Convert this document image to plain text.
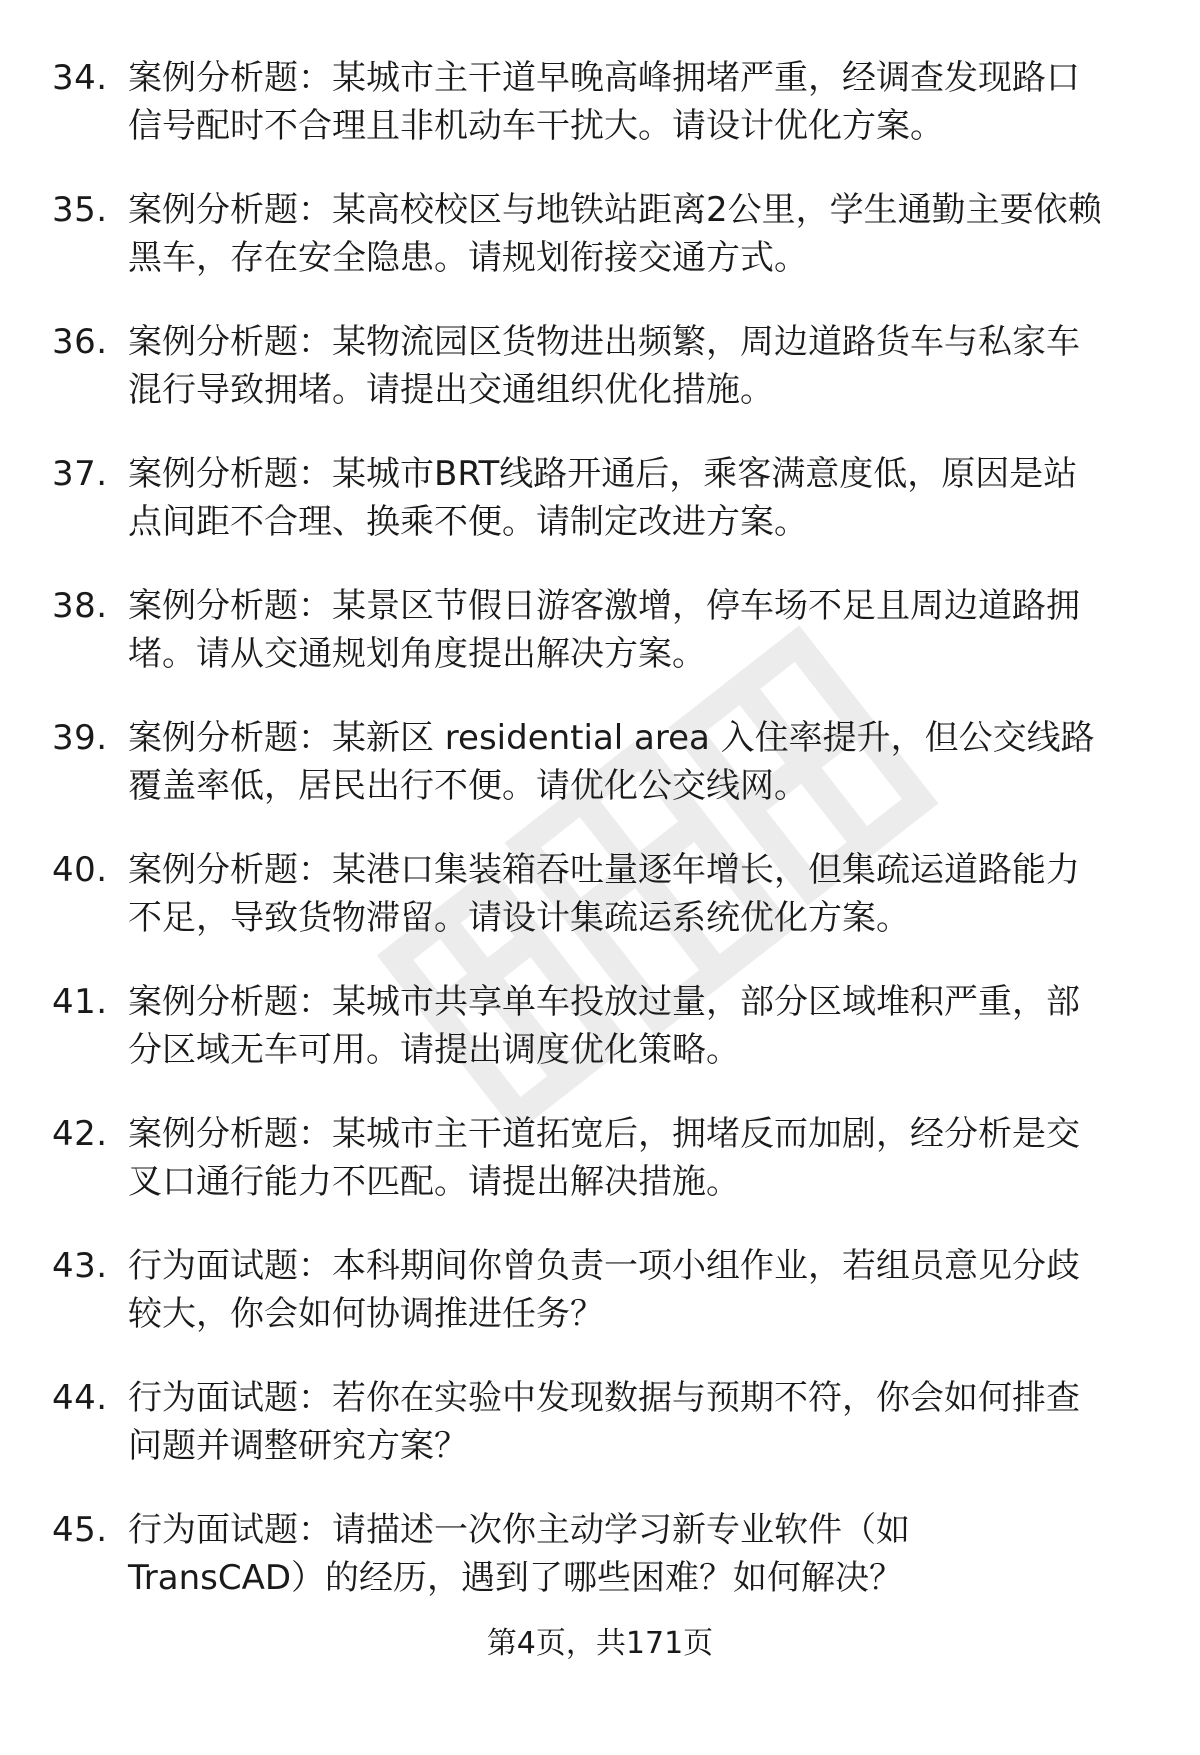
34. 案例分析题：某城市主干道早晚高峰拥堵严重，经调查发现路口
信号配时不合理且非机动车干扰大。请设计优化方案。
35. 案例分析题：某高校校区与地铁站距离2公里，学生通勤主要依赖
黑车，存在安全隐患。请规划衔接交通方式。
36. 案例分析题：某物流园区货物进出频繁，周边道路货车与私家车
混行导致拥堵。请提出交通组织优化措施。
37. 案例分析题：某城市BRT线路开通后，乘客满意度低，原因是站
点间距不合理、换乘不便。请制定改进方案。
38. 案例分析题：某景区节假日游客激增，停车场不足且周边道路拥
堵。请从交通规划角度提出解决方案。
39. 案例分析题：某新区 residential area 入住率提升，但公交线路
覆盖率低，居民出行不便。请优化公交线网。
40. 案例分析题：某港口集装箱吞吐量逐年增长，但集疏运道路能力
不足，导致货物滞留。请设计集疏运系统优化方案。
41. 案例分析题：某城市共享单车投放过量，部分区域堆积严重，部
分区域无车可用。请提出调度优化策略。
42. 案例分析题：某城市主干道拓宽后，拥堵反而加剧，经分析是交
叉口通行能力不匹配。请提出解决措施。
43. 行为面试题：本科期间你曾负责一项小组作业，若组员意见分歧
较大，你会如何协调推进任务？
44. 行为面试题：若你在实验中发现数据与预期不符，你会如何排查
问题并调整研究方案？
45. 行为面试题：请描述一次你主动学习新专业软件（如
TransCAD）的经历，遇到了哪些困难？如何解决？
第4页，共171页
